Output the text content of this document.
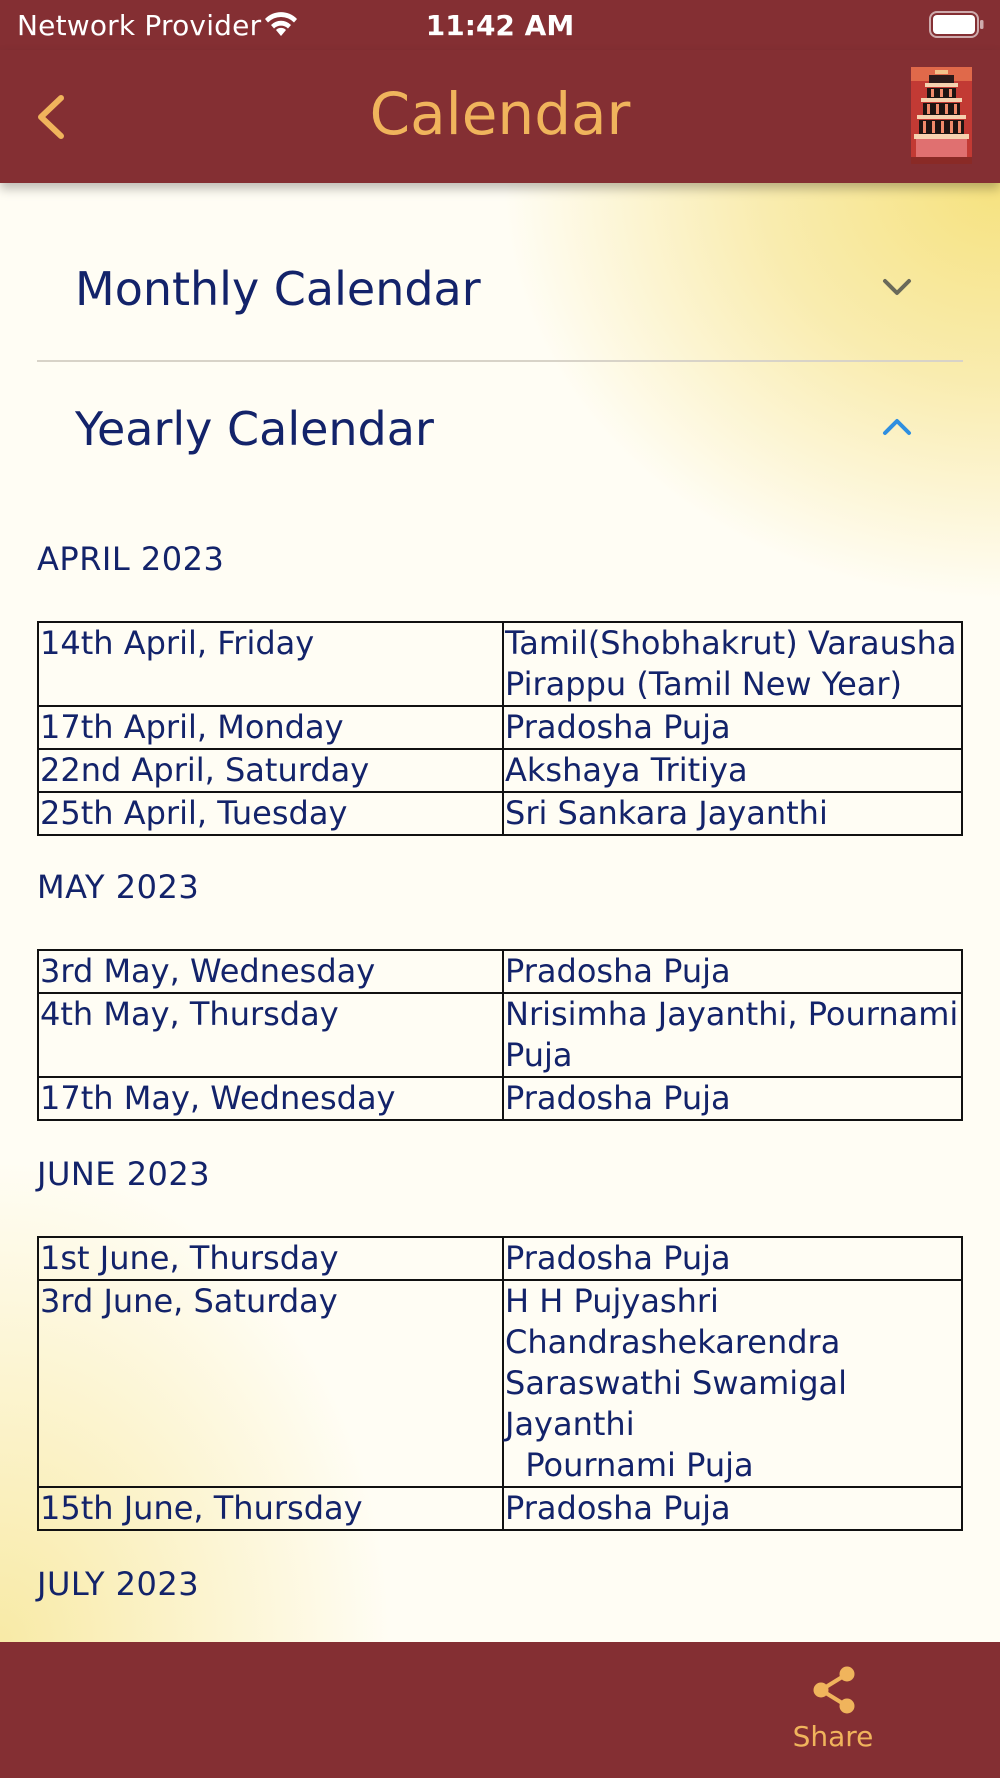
Network Provider	11:42 AM
Calendar
Monthly Calendar
Yearly Calendar
APRIL 2023
14th April, Friday	Tamil(Shobhakrut) Varausha Pirappu (Tamil New Year)
17th April, Monday	Pradosha Puja
22nd April, Saturday	Akshaya Tritiya
25th April, Tuesday	Sri Sankara Jayanthi
MAY 2023
3rd May, Wednesday	Pradosha Puja
4th May, Thursday	Nrisimha Jayanthi, Pournami Puja
17th May, Wednesday	Pradosha Puja
JUNE 2023
1st June, Thursday	Pradosha Puja
3rd June, Saturday	H H Pujyashri Chandrashekarendra Saraswathi Swamigal Jayanthi
Pournami Puja
15th June, Thursday	Pradosha Puja
JULY 2023
Share
